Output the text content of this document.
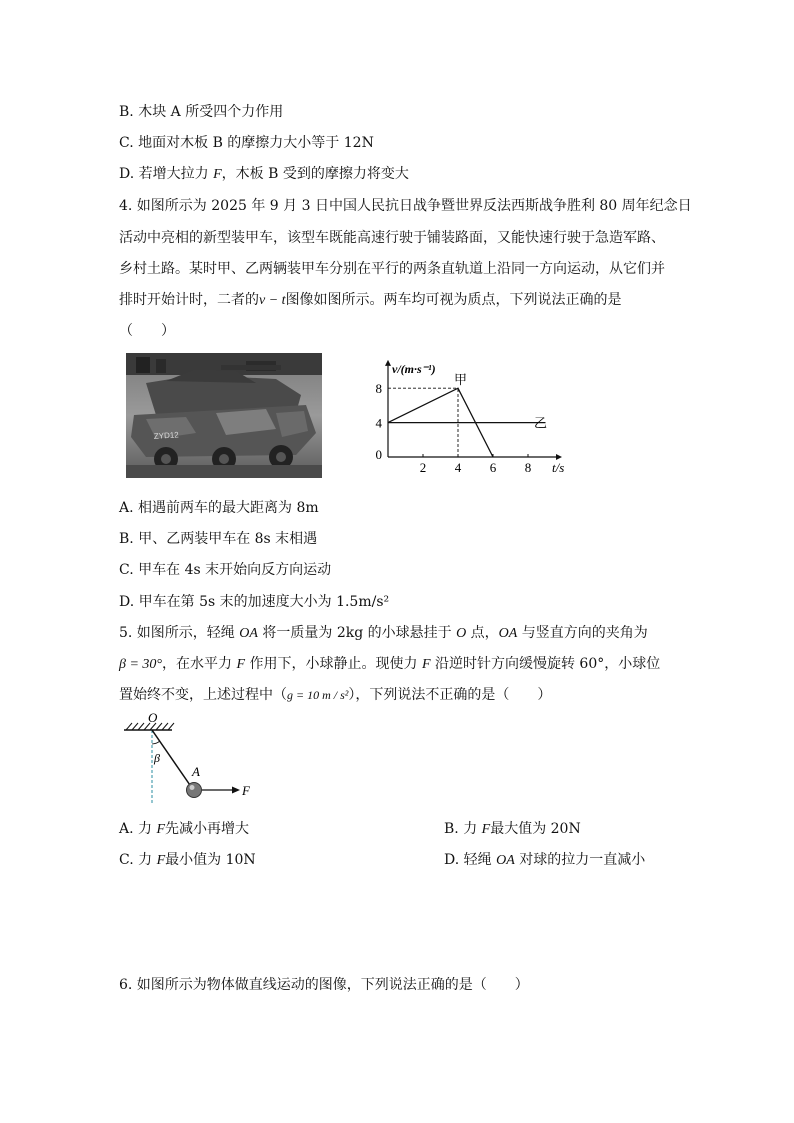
B. 木块 A 所受四个力作用
C. 地面对木板 B 的摩擦力大小等于 12N
D. 若增大拉力 F，木板 B 受到的摩擦力将变大
4. 如图所示为 2025 年 9 月 3 日中国人民抗日战争暨世界反法西斯战争胜利 80 周年纪念日
活动中亮相的新型装甲车，该型车既能高速行驶于铺装路面，又能快速行驶于急造军路、
乡村土路。某时甲、乙两辆装甲车分别在平行的两条直轨道上沿同一方向运动，从它们并
排时开始计时，二者的v − t图像如图所示。两车均可视为质点，下列说法正确的是
（　　）
ZYD12
2 4 6 8
0
4
8
v/(m·s⁻¹)
t/s
甲
乙
A. 相遇前两车的最大距离为 8m
B. 甲、乙两装甲车在 8s 末相遇
C. 甲车在 4s 末开始向反方向运动
D. 甲车在第 5s 末的加速度大小为 1.5m/s²
5. 如图所示，轻绳 OA 将一质量为 2kg 的小球悬挂于 O 点，OA 与竖直方向的夹角为
β = 30°，在水平力 F 作用下，小球静止。现使力 F 沿逆时针方向缓慢旋转 60°，小球位
置始终不变，上述过程中（g = 10 m / s²），下列说法不正确的是（　　）
O
β
A
F
A. 力 F先减小再增大	B. 力 F最大值为 20N
C. 力 F最小值为 10N	D. 轻绳 OA 对球的拉力一直减小
6. 如图所示为物体做直线运动的图像，下列说法正确的是（　　）
